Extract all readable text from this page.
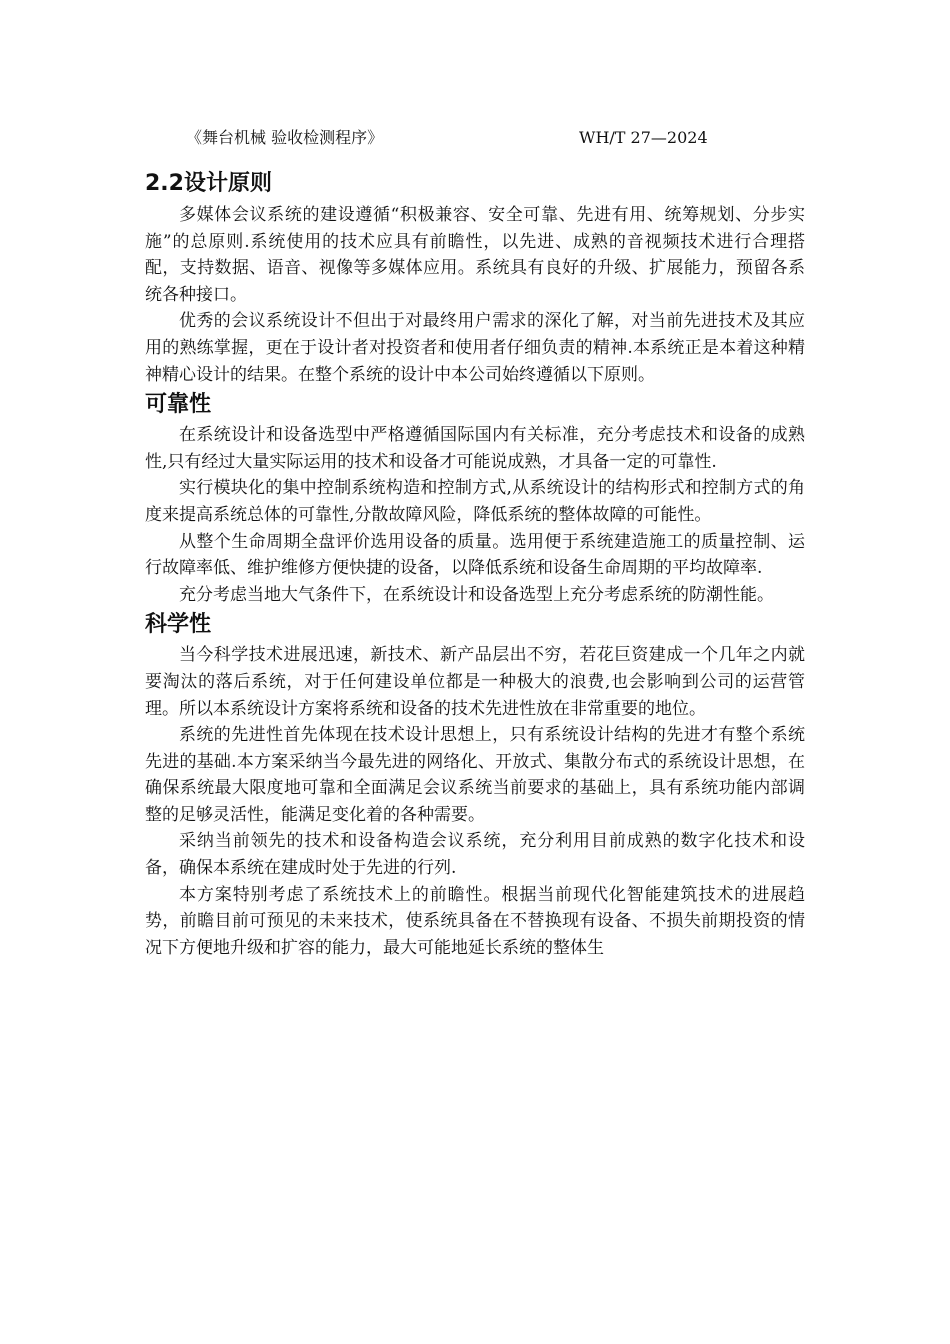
《舞台机械 验收检测程序》	WH/T 27—2024
2.2设计原则

多媒体会议系统的建设遵循“积极兼容、安全可靠、先进有用、统筹规划、分步实施”的总原则.系统使用的技术应具有前瞻性，以先进、成熟的音视频技术进行合理搭配，支持数据、语音、视像等多媒体应用。系统具有良好的升级、扩展能力，预留各系统各种接口。

优秀的会议系统设计不但出于对最终用户需求的深化了解，对当前先进技术及其应用的熟练掌握，更在于设计者对投资者和使用者仔细负责的精神.本系统正是本着这种精神精心设计的结果。在整个系统的设计中本公司始终遵循以下原则。

可靠性

在系统设计和设备选型中严格遵循国际国内有关标准，充分考虑技术和设备的成熟性,只有经过大量实际运用的技术和设备才可能说成熟，才具备一定的可靠性.

实行模块化的集中控制系统构造和控制方式,从系统设计的结构形式和控制方式的角度来提高系统总体的可靠性,分散故障风险，降低系统的整体故障的可能性。

从整个生命周期全盘评价选用设备的质量。选用便于系统建造施工的质量控制、运行故障率低、维护维修方便快捷的设备，以降低系统和设备生命周期的平均故障率.

充分考虑当地大气条件下，在系统设计和设备选型上充分考虑系统的防潮性能。

科学性

当今科学技术进展迅速，新技术、新产品层出不穷，若花巨资建成一个几年之内就要淘汰的落后系统，对于任何建设单位都是一种极大的浪费,也会影响到公司的运营管理。所以本系统设计方案将系统和设备的技术先进性放在非常重要的地位。

系统的先进性首先体现在技术设计思想上，只有系统设计结构的先进才有整个系统先进的基础.本方案采纳当今最先进的网络化、开放式、集散分布式的系统设计思想，在确保系统最大限度地可靠和全面满足会议系统当前要求的基础上，具有系统功能内部调整的足够灵活性，能满足变化着的各种需要。

采纳当前领先的技术和设备构造会议系统，充分利用目前成熟的数字化技术和设备，确保本系统在建成时处于先进的行列.

本方案特别考虑了系统技术上的前瞻性。根据当前现代化智能建筑技术的进展趋势，前瞻目前可预见的未来技术，使系统具备在不替换现有设备、不损失前期投资的情况下方便地升级和扩容的能力，最大可能地延长系统的整体生
